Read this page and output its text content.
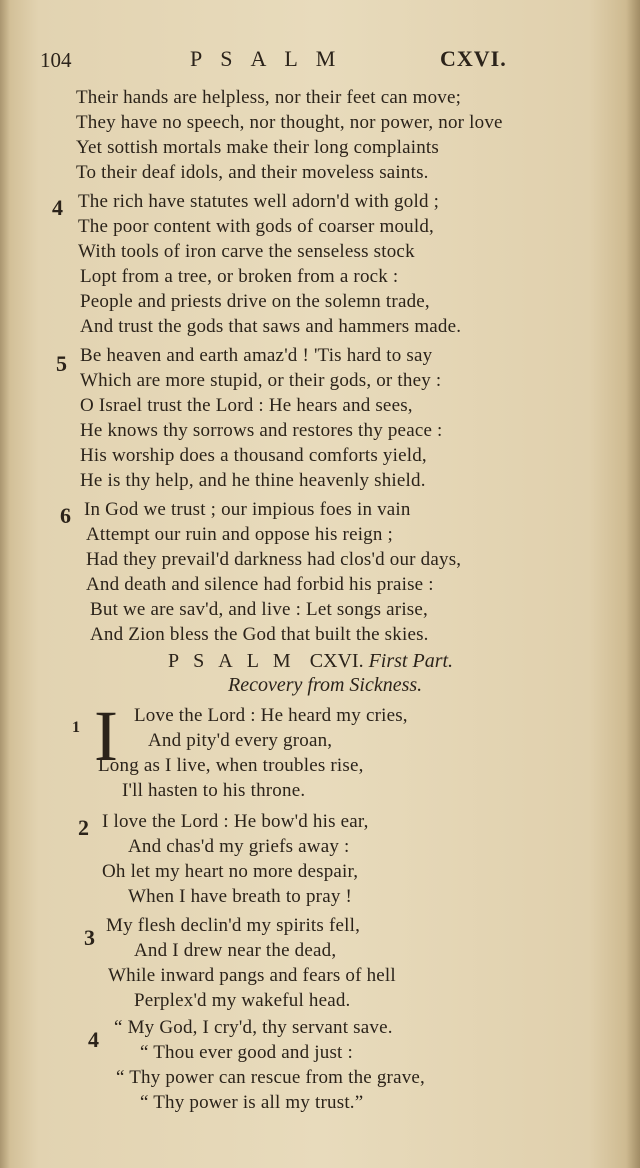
104	PSALM	CXVI.
Their hands are helpless, nor their feet can move;
They have no speech, nor thought, nor power, nor love
Yet sottish mortals make their long complaints
To their deaf idols, and their moveless saints.
4 The rich have statutes well adorn'd with gold ;
The poor content with gods of coarser mould,
With tools of iron carve the senseless stock
Lopt from a tree, or broken from a rock :
People and priests drive on the solemn trade,
And trust the gods that saws and hammers made.
5 Be heaven and earth amaz'd ! 'Tis hard to say
Which are more stupid, or their gods, or they :
O Israel trust the Lord : He hears and sees,
He knows thy sorrows and restores thy peace :
His worship does a thousand comforts yield,
He is thy help, and he thine heavenly shield.
6 In God we trust ; our impious foes in vain
Attempt our ruin and oppose his reign ;
Had they prevail'd darkness had clos'd our days,
And death and silence had forbid his praise :
But we are sav'd, and live : Let songs arise,
And Zion bless the God that built the skies.
PSALM CXVI. First Part.
Recovery from Sickness.
1 I Love the Lord : He heard my cries,
And pity'd every groan,
Long as I live, when troubles rise,
I'll hasten to his throne.
2 I love the Lord : He bow'd his ear,
And chas'd my griefs away :
Oh let my heart no more despair,
When I have breath to pray !
3 My flesh declin'd my spirits fell,
And I drew near the dead,
While inward pangs and fears of hell
Perplex'd my wakeful head.
4 “ My God, I cry'd, thy servant save.
“ Thou ever good and just :
“ Thy power can rescue from the grave,
“ Thy power is all my trust.”
